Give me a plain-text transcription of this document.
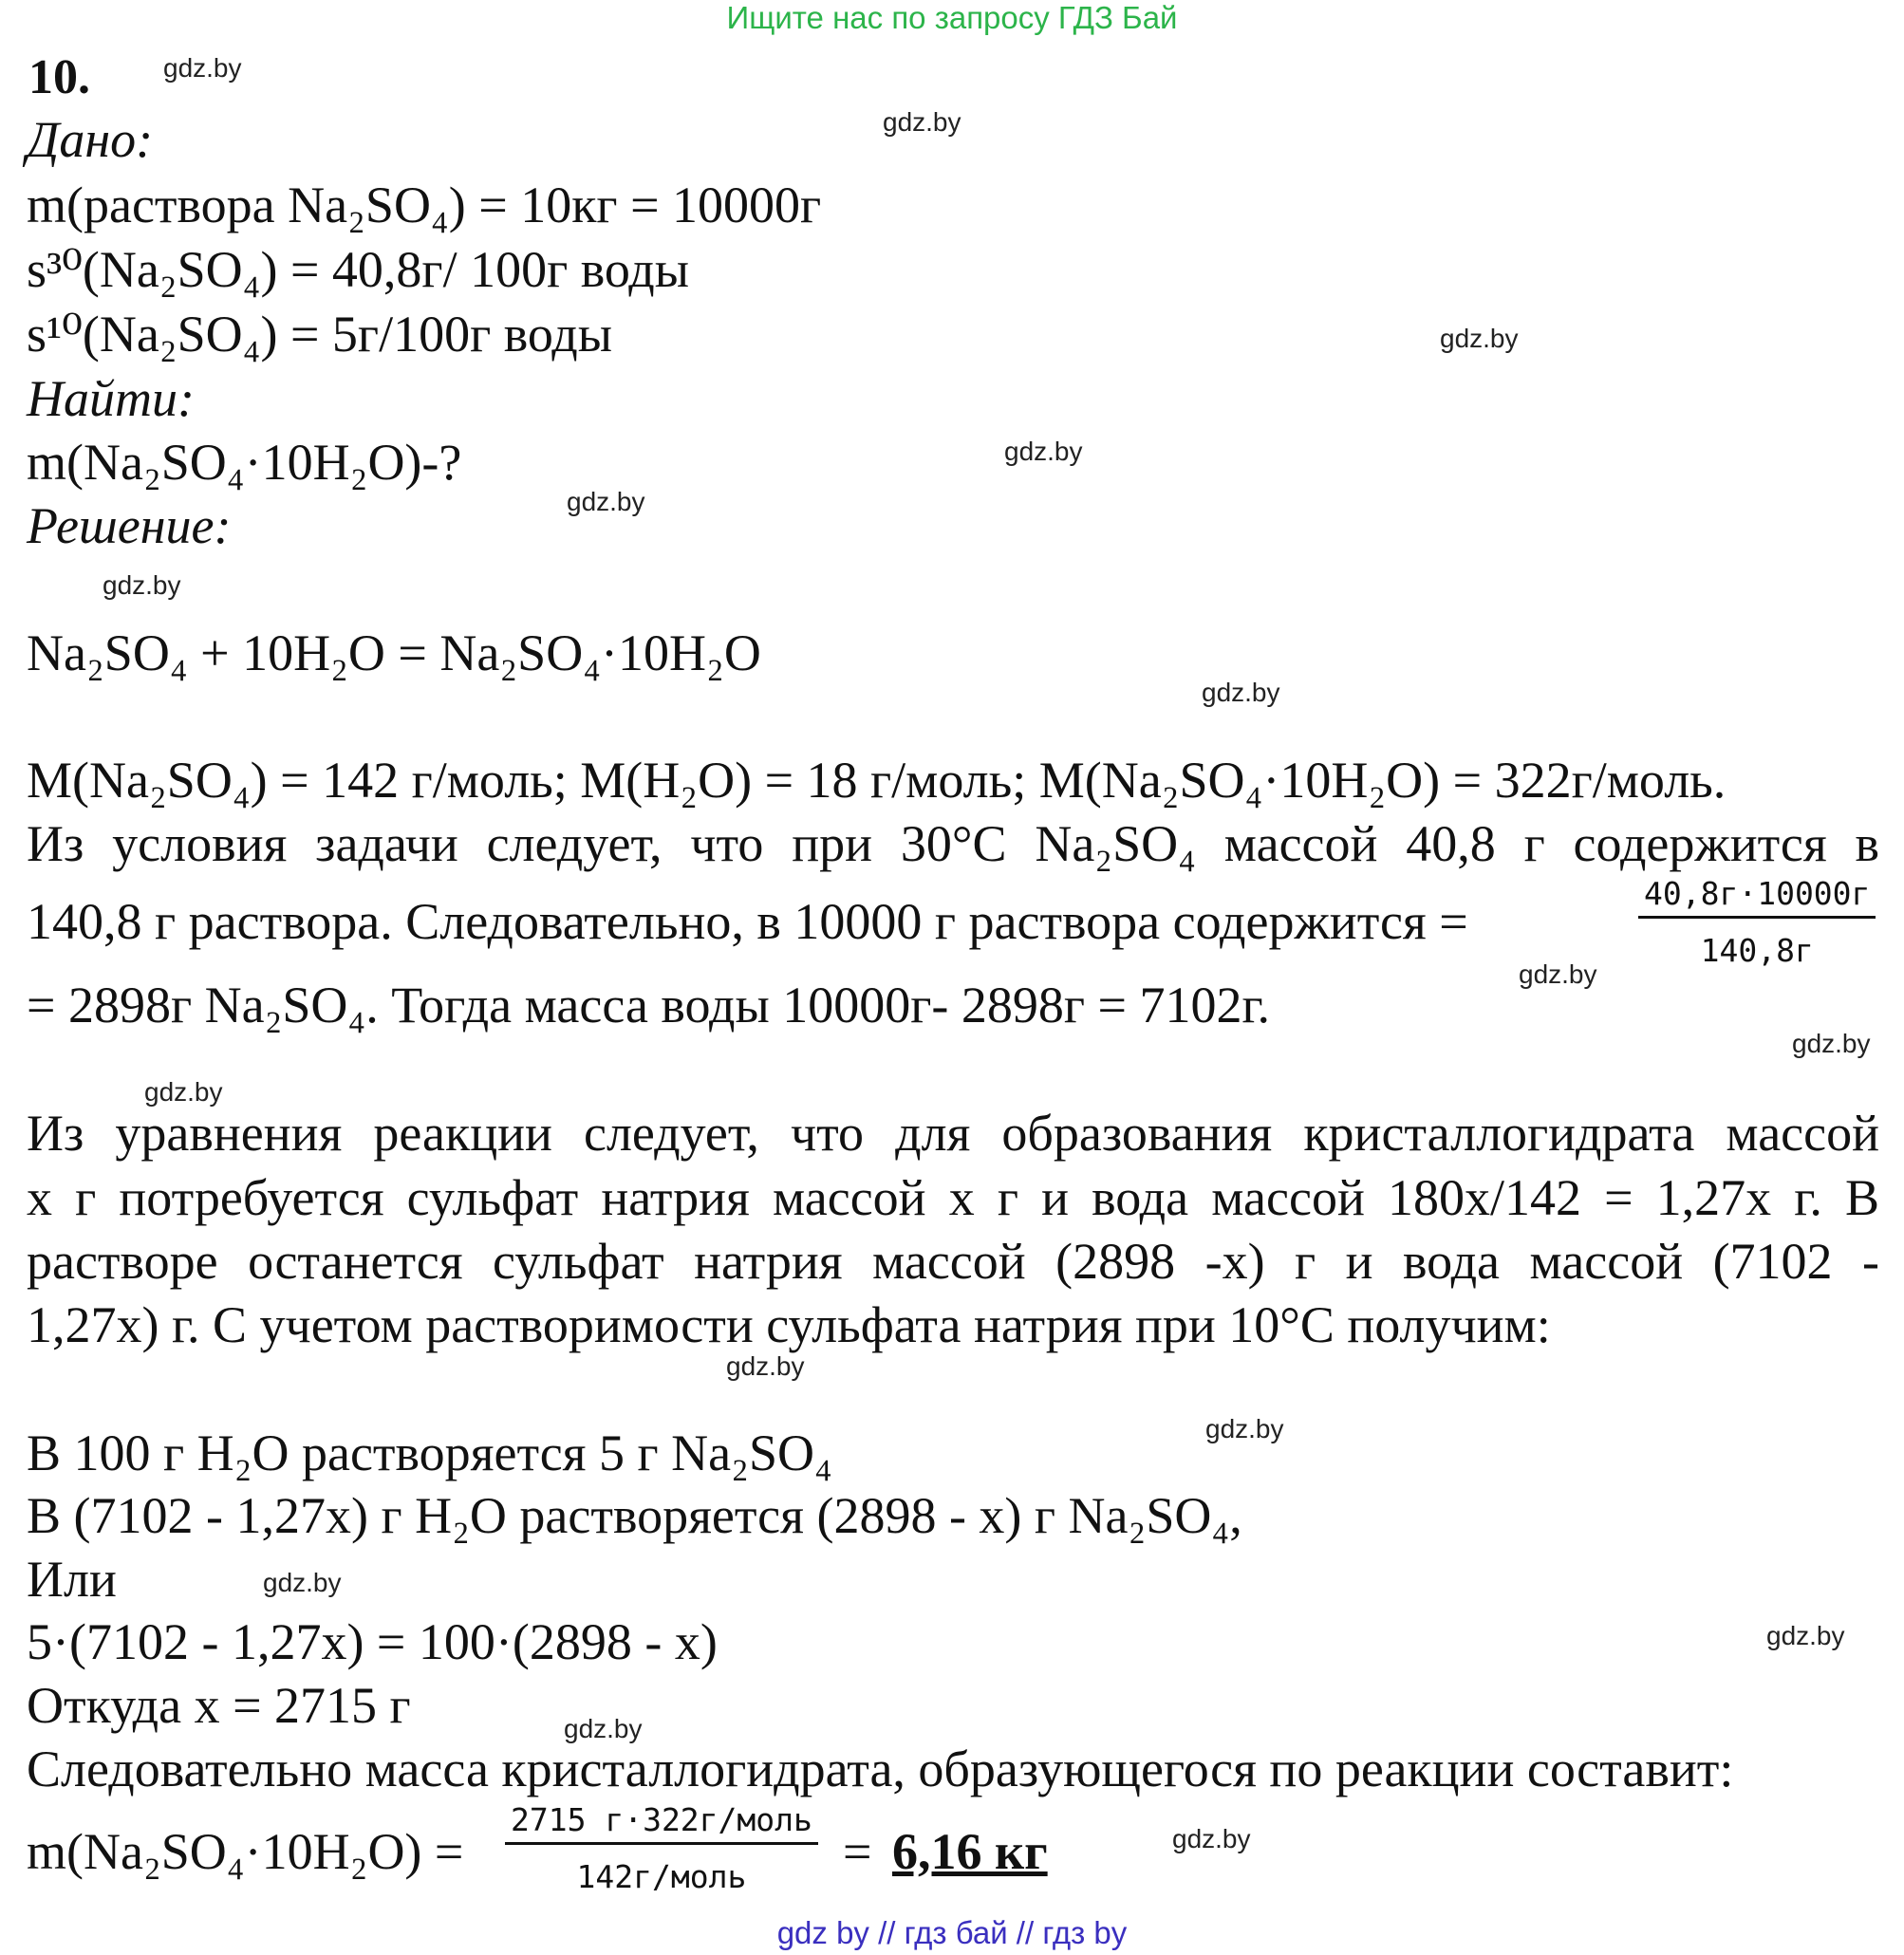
Ищите нас по запросу ГДЗ Бай
10.	gdz.by
gdz.by
gdz.by
gdz.by
gdz.by
gdz.by
gdz.by
gdz.by
gdz.by
gdz.by
gdz.by
gdz.by
gdz.by
gdz.by
gdz.by
gdz.by
Дано:
m(раствора Na₂SO₄) = 10кг = 10000г
s³⁰(Na₂SO₄) = 40,8г/ 100г воды
s¹⁰(Na₂SO₄) = 5г/100г воды
Найти:
m(Na₂SO₄·10H₂O)-?
Решение:
Na₂SO₄ + 10H₂O = Na₂SO₄·10H₂O
M(Na₂SO₄) = 142 г/моль; M(H₂O) = 18 г/моль; M(Na₂SO₄·10H₂O) = 322г/моль.
Из условия задачи следует, что при 30°С Na₂SO₄ массой 40,8 г содержится в
140,8 г раствора. Следовательно, в 10000 г раствора содержится =	40,8г·10000г
140,8г
= 2898г Na₂SO₄. Тогда масса воды 10000г- 2898г = 7102г.
Из уравнения реакции следует, что для образования кристаллогидрата массой
x г потребуется сульфат натрия массой x г и вода массой 180x/142 = 1,27x г. В
растворе останется сульфат натрия массой (2898 -x) г и вода массой (7102 -
1,27x) г. С учетом растворимости сульфата натрия при 10°С получим:
В 100 г H₂O растворяется 5 г Na₂SO₄
В (7102 - 1,27x) г H₂O растворяется (2898 - x) г Na₂SO₄,
Или
5·(7102 - 1,27x) = 100·(2898 - x)
Откуда x = 2715 г
Следовательно масса кристаллогидрата, образующегося по реакции составит:
m(Na₂SO₄·10H₂O) =
2715 г·322г/моль
142г/моль	= 6,16 кг
gdz by // гдз бай // гдз by
